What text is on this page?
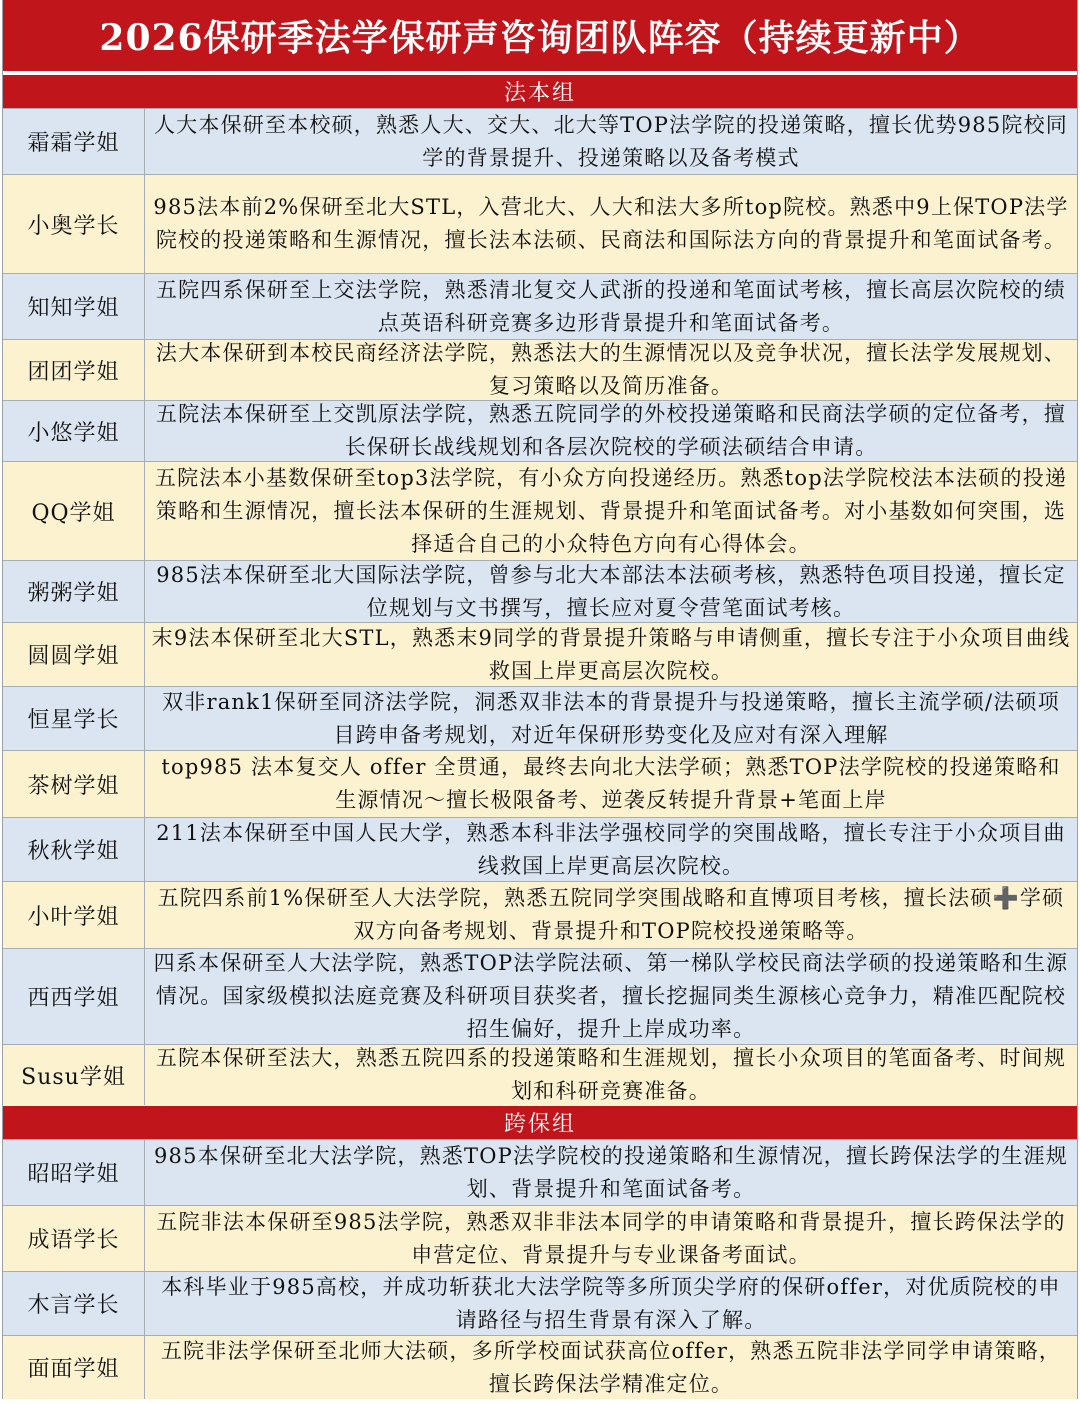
2026保研季法学保研声咨询团队阵容（持续更新中）
法本组
霜霜学姐
人大本保研至本校硕，熟悉人大、交大、北大等TOP法学院的投递策略，擅长优势985院校同学的背景提升、投递策略以及备考模式
小奥学长
985法本前2%保研至北大STL，入营北大、人大和法大多所top院校。熟悉中9上保TOP法学院校的投递策略和生源情况，擅长法本法硕、民商法和国际法方向的背景提升和笔面试备考。
知知学姐
五院四系保研至上交法学院，熟悉清北复交人武浙的投递和笔面试考核，擅长高层次院校的绩点英语科研竞赛多边形背景提升和笔面试备考。
团团学姐
法大本保研到本校民商经济法学院，熟悉法大的生源情况以及竞争状况，擅长法学发展规划、复习策略以及简历准备。
小悠学姐
五院法本保研至上交凯原法学院，熟悉五院同学的外校投递策略和民商法学硕的定位备考，擅长保研长战线规划和各层次院校的学硕法硕结合申请。
QQ学姐
五院法本小基数保研至top3法学院，有小众方向投递经历。熟悉top法学院校法本法硕的投递策略和生源情况，擅长法本保研的生涯规划、背景提升和笔面试备考。对小基数如何突围，选择适合自己的小众特色方向有心得体会。
粥粥学姐
985法本保研至北大国际法学院，曾参与北大本部法本法硕考核，熟悉特色项目投递，擅长定位规划与文书撰写，擅长应对夏令营笔面试考核。
圆圆学姐
末9法本保研至北大STL，熟悉末9同学的背景提升策略与申请侧重，擅长专注于小众项目曲线救国上岸更高层次院校。
恒星学长
双非rank1保研至同济法学院，洞悉双非法本的背景提升与投递策略，擅长主流学硕/法硕项目跨申备考规划，对近年保研形势变化及应对有深入理解
茶树学姐
top985 法本复交人 offer 全贯通，最终去向北大法学硕；熟悉TOP法学院校的投递策略和生源情况～擅长极限备考、逆袭反转提升背景+笔面上岸
秋秋学姐
211法本保研至中国人民大学，熟悉本科非法学强校同学的突围战略，擅长专注于小众项目曲线救国上岸更高层次院校。
小叶学姐
五院四系前1%保研至人大法学院，熟悉五院同学突围战略和直博项目考核，擅长法硕➕学硕双方向备考规划、背景提升和TOP院校投递策略等。
西西学姐
四系本保研至人大法学院，熟悉TOP法学院法硕、第一梯队学校民商法学硕的投递策略和生源情况。国家级模拟法庭竞赛及科研项目获奖者，擅长挖掘同类生源核心竞争力，精准匹配院校招生偏好，提升上岸成功率。
Susu学姐
五院本保研至法大，熟悉五院四系的投递策略和生涯规划，擅长小众项目的笔面备考、时间规划和科研竞赛准备。
跨保组
昭昭学姐
985本保研至北大法学院，熟悉TOP法学院校的投递策略和生源情况，擅长跨保法学的生涯规划、背景提升和笔面试备考。
成语学长
五院非法本保研至985法学院，熟悉双非非法本同学的申请策略和背景提升，擅长跨保法学的申营定位、背景提升与专业课备考面试。
木言学长
本科毕业于985高校，并成功斩获北大法学院等多所顶尖学府的保研offer，对优质院校的申请路径与招生背景有深入了解。
面面学姐
五院非法学保研至北师大法硕，多所学校面试获高位offer，熟悉五院非法学同学申请策略，擅长跨保法学精准定位。
